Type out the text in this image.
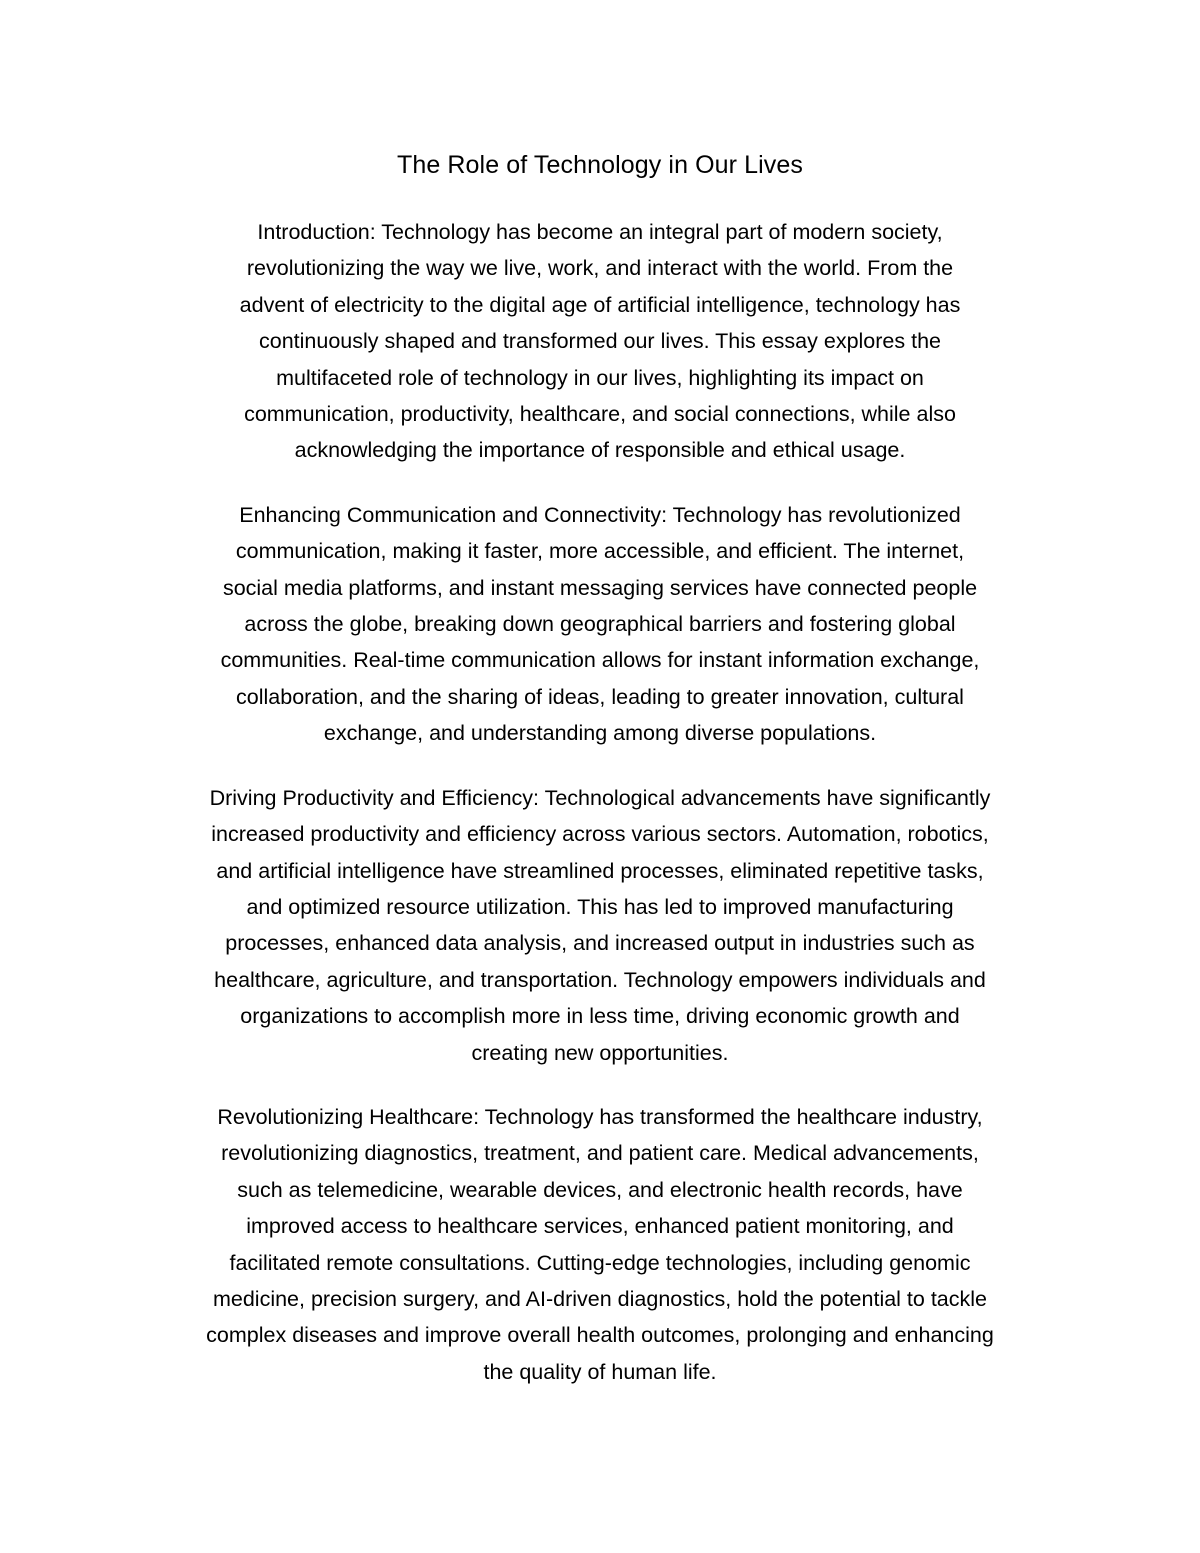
The Role of Technology in Our Lives

Introduction: Technology has become an integral part of modern society,
revolutionizing the way we live, work, and interact with the world. From the
advent of electricity to the digital age of artificial intelligence, technology has
continuously shaped and transformed our lives. This essay explores the
multifaceted role of technology in our lives, highlighting its impact on
communication, productivity, healthcare, and social connections, while also
acknowledging the importance of responsible and ethical usage.

Enhancing Communication and Connectivity: Technology has revolutionized
communication, making it faster, more accessible, and efficient. The internet,
social media platforms, and instant messaging services have connected people
across the globe, breaking down geographical barriers and fostering global
communities. Real-time communication allows for instant information exchange,
collaboration, and the sharing of ideas, leading to greater innovation, cultural
exchange, and understanding among diverse populations.

Driving Productivity and Efficiency: Technological advancements have significantly
increased productivity and efficiency across various sectors. Automation, robotics,
and artificial intelligence have streamlined processes, eliminated repetitive tasks,
and optimized resource utilization. This has led to improved manufacturing
processes, enhanced data analysis, and increased output in industries such as
healthcare, agriculture, and transportation. Technology empowers individuals and
organizations to accomplish more in less time, driving economic growth and
creating new opportunities.

Revolutionizing Healthcare: Technology has transformed the healthcare industry,
revolutionizing diagnostics, treatment, and patient care. Medical advancements,
such as telemedicine, wearable devices, and electronic health records, have
improved access to healthcare services, enhanced patient monitoring, and
facilitated remote consultations. Cutting-edge technologies, including genomic
medicine, precision surgery, and AI-driven diagnostics, hold the potential to tackle
complex diseases and improve overall health outcomes, prolonging and enhancing
the quality of human life.
